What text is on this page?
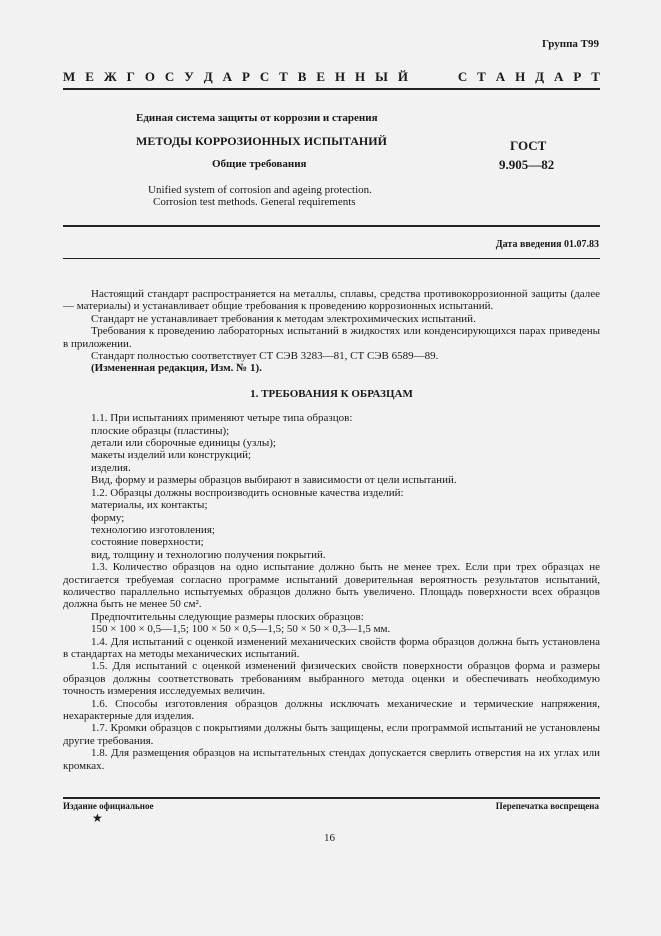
Группа Т99
М Е Ж Г О С У Д А Р С Т В Е Н Н Ы Й	С Т А Н Д А Р Т
Единая система защиты от коррозии и старения
МЕТОДЫ КОРРОЗИОННЫХ ИСПЫТАНИЙ
Общие требования
ГОСТ
9.905—82
Unified system of corrosion and ageing protection.
Corrosion test methods. General requirements
Дата введения 01.07.83

Настоящий стандарт распространяется на металлы, сплавы, средства противокоррозионной защиты (далее — материалы) и устанавливает общие требования к проведению коррозионных испытаний.

Стандарт не устанавливает требования к методам электрохимических испытаний.

Требования к проведению лабораторных испытаний в жидкостях или конденсирующихся парах приведены в приложении.

Стандарт полностью соответствует СТ СЭВ 3283—81, СТ СЭВ 6589—89.

(Измененная редакция, Изм. № 1).

1. ТРЕБОВАНИЯ К ОБРАЗЦАМ

1.1. При испытаниях применяют четыре типа образцов:

плоские образцы (пластины);

детали или сборочные единицы (узлы);

макеты изделий или конструкций;

изделия.

Вид, форму и размеры образцов выбирают в зависимости от цели испытаний.

1.2. Образцы должны воспроизводить основные качества изделий:

материалы, их контакты;

форму;

технологию изготовления;

состояние поверхности;

вид, толщину и технологию получения покрытий.

1.3. Количество образцов на одно испытание должно быть не менее трех. Если при трех образцах не достигается требуемая согласно программе испытаний доверительная вероятность результатов испытаний, количество параллельно испытуемых образцов должно быть увеличено. Площадь поверхности всех образцов должна быть не менее 50 см².

Предпочтительны следующие размеры плоских образцов:

150 × 100 × 0,5—1,5; 100 × 50 × 0,5—1,5; 50 × 50 × 0,3—1,5 мм.

1.4. Для испытаний с оценкой изменений механических свойств форма образцов должна быть установлена в стандартах на методы механических испытаний.

1.5. Для испытаний с оценкой изменений физических свойств поверхности образцов форма и размеры образцов должны соответствовать требованиям выбранного метода оценки и обеспечивать необходимую точность измерения исследуемых величин.

1.6. Способы изготовления образцов должны исключать механические и термические напряжения, нехарактерные для изделия.

1.7. Кромки образцов с покрытиями должны быть защищены, если программой испытаний не установлены другие требования.

1.8. Для размещения образцов на испытательных стендах допускается сверлить отверстия на их углах или кромках.

Издание официальное
★
Перепечатка воспрещена
16
